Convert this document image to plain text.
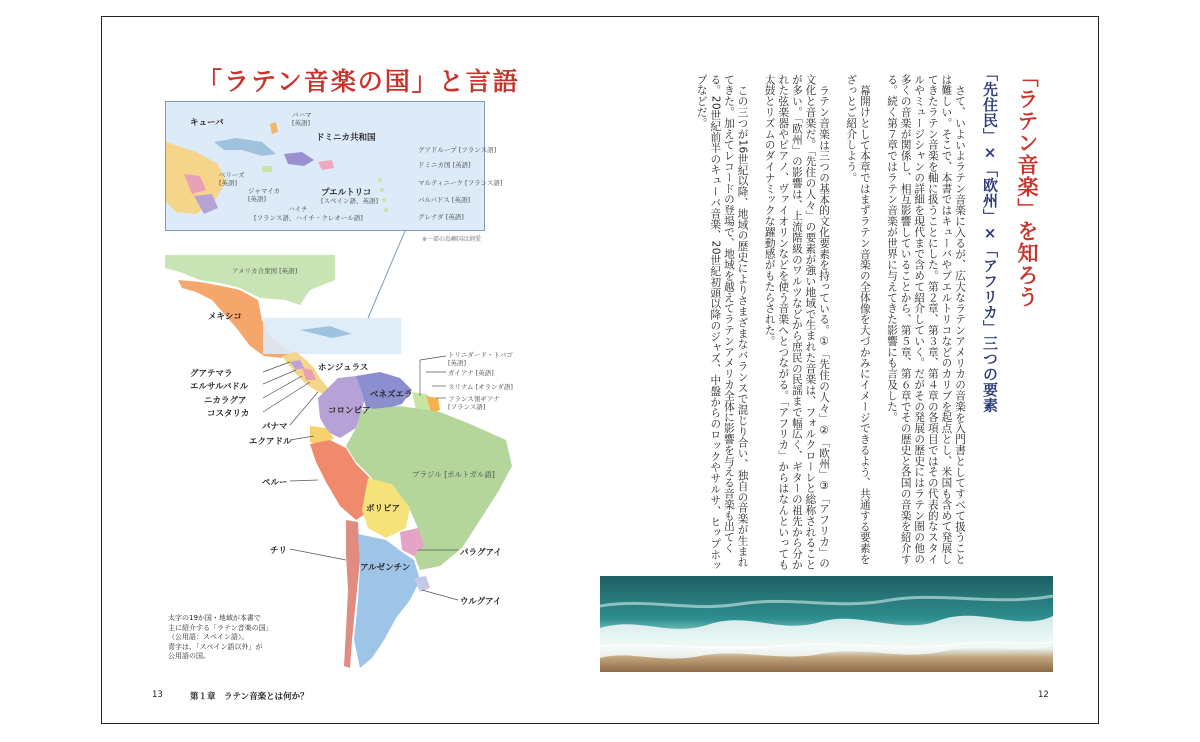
「ラテン音楽の国」と言語
キューバ
バハマ
[英語]
ドミニカ共和国
グアドループ [フランス語]
ドミニカ国 [英語]
ベリーズ
[英語]
ジャマイカ
[英語]
プエルトリコ
[スペイン語、英語]
マルティニーク [フランス語]
バルバドス [英語]
ハイチ
[フランス語、ハイチ・クレオール語]	グレナダ [英語]
※一部の島嶼国は割愛
アメリカ合衆国 [英語]
メキシコ
ホンジュラス
グアテマラ
エルサルバドル
ニカラグア
コスタリカ
パナマ
エクアドル
コロンビア
ベネズエラ
トリニダード・トバゴ
[英語]
ガイアナ [英語]
スリナム [オランダ語]
フランス領ギアナ
[フランス語]
ブラジル [ポルトガル語]
ペルー
ボリビア
チリ	パラグアイ
アルゼンチン
ウルグアイ
太字の19か国・地域が本書で
主に紹介する「ラテン音楽の国」
（公用語：スペイン語）。
青字は、「スペイン語以外」が
公用語の国。
13	第１章　ラテン音楽とは何か？
「ラテン音楽」を知ろう
「先住民」×「欧州」×「アフリカ」三つの要素

さて、いよいよラテン音楽に入るが、広大なラテンアメリカの音楽を入門書としてすべて扱うことは難しい。そこで、本書ではキューバやプエルトリコなどのカリブを起点とし、米国も含めて発展してきたラテン音楽を軸に扱うことにした。第２章、第３章、第４章の各項目ではその代表的なスタイルやミュージシャンの詳細を現代まで含めて紹介していく。だがその発展の歴史にはラテン圏の他の多くの音楽が関係し、相互影響していることから、第５章、第６章でその歴史と各国の音楽を紹介する。続く第７章ではラテン音楽が世界に与えてきた影響にも言及した。

幕開けとして本章ではまずラテン音楽の全体像を大づかみにイメージできるよう、共通する要素をざっとご紹介しよう。

ラテン音楽は三つの基本的文化要素を持っている。①「先住の人々」②「欧州」③「アフリカ」の文化と音楽だ。「先住の人々」の要素が強い地域で生まれた音楽は、フォルクローレと総称されることが多い。「欧州」の影響は、上流階級のワルツなどから庶民の民謡まで幅広く、ギターの祖先から分かれた弦楽器やピアノ、ヴァイオリンなどを使う音楽へとつながる。「アフリカ」からはなんといっても太鼓とリズムのダイナミックな躍動感がもたらされた。

この三つが16世紀以降、地域の歴史によりさまざまなバランスで混じり合い、独自の音楽が生まれてきた。加えてレコードの登場で、地域を越えてラテンアメリカ全体に影響を与える音楽も出てくる。20世紀前半のキューバ音楽、20世紀初頭以降のジャズ、中盤からのロックやサルサ、ヒップホップなどだ。

12
